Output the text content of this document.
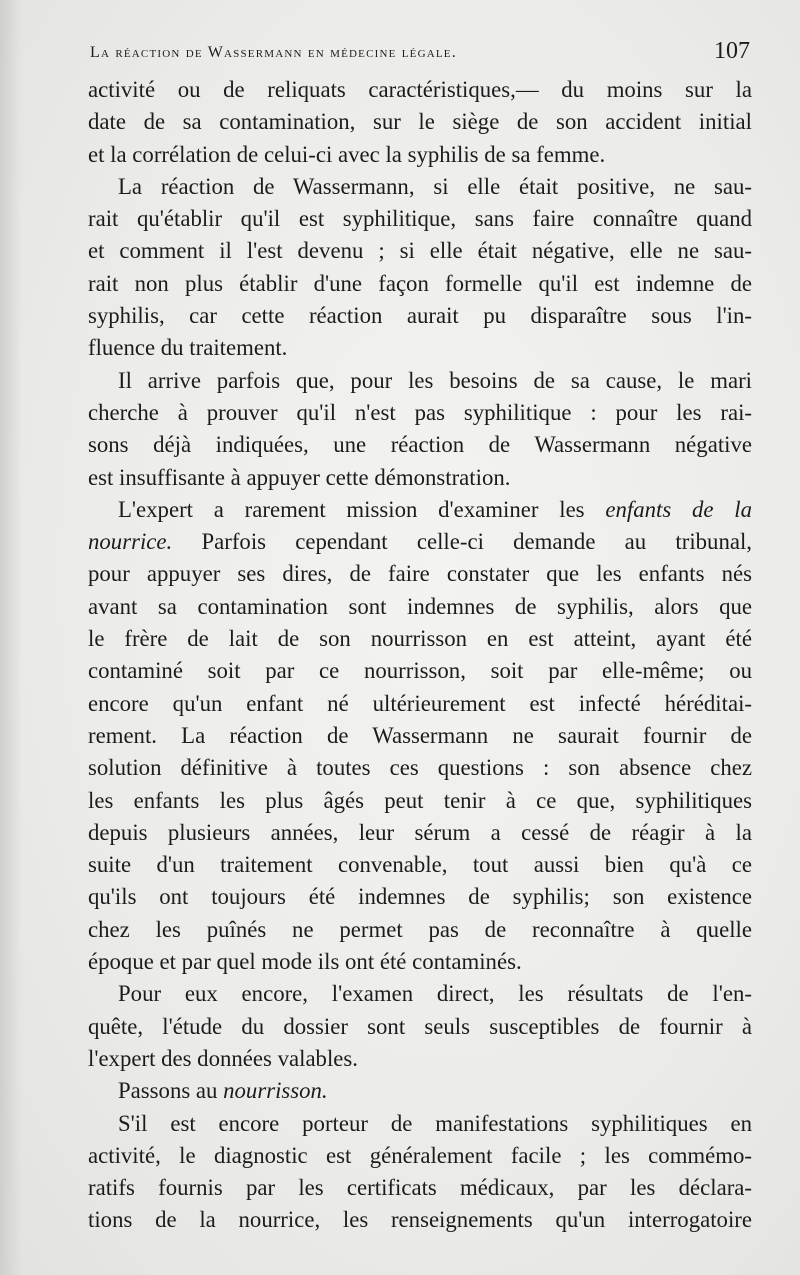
La réaction de Wassermann en médecine légale.	107
activité ou de reliquats caractéristiques,— du moins sur la
date de sa contamination, sur le siège de son accident initial
et la corrélation de celui-ci avec la syphilis de sa femme.
La réaction de Wassermann, si elle était positive, ne sau-
rait qu'établir qu'il est syphilitique, sans faire connaître quand
et comment il l'est devenu ; si elle était négative, elle ne sau-
rait non plus établir d'une façon formelle qu'il est indemne de
syphilis, car cette réaction aurait pu disparaître sous l'in-
fluence du traitement.
Il arrive parfois que, pour les besoins de sa cause, le mari
cherche à prouver qu'il n'est pas syphilitique : pour les rai-
sons déjà indiquées, une réaction de Wassermann négative
est insuffisante à appuyer cette démonstration.
L'expert a rarement mission d'examiner les enfants de la
nourrice. Parfois cependant celle-ci demande au tribunal,
pour appuyer ses dires, de faire constater que les enfants nés
avant sa contamination sont indemnes de syphilis, alors que
le frère de lait de son nourrisson en est atteint, ayant été
contaminé soit par ce nourrisson, soit par elle-même; ou
encore qu'un enfant né ultérieurement est infecté héréditai-
rement. La réaction de Wassermann ne saurait fournir de
solution définitive à toutes ces questions : son absence chez
les enfants les plus âgés peut tenir à ce que, syphilitiques
depuis plusieurs années, leur sérum a cessé de réagir à la
suite d'un traitement convenable, tout aussi bien qu'à ce
qu'ils ont toujours été indemnes de syphilis; son existence
chez les puînés ne permet pas de reconnaître à quelle
époque et par quel mode ils ont été contaminés.
Pour eux encore, l'examen direct, les résultats de l'en-
quête, l'étude du dossier sont seuls susceptibles de fournir à
l'expert des données valables.
Passons au nourrisson.
S'il est encore porteur de manifestations syphilitiques en
activité, le diagnostic est généralement facile ; les commémo-
ratifs fournis par les certificats médicaux, par les déclara-
tions de la nourrice, les renseignements qu'un interrogatoire
